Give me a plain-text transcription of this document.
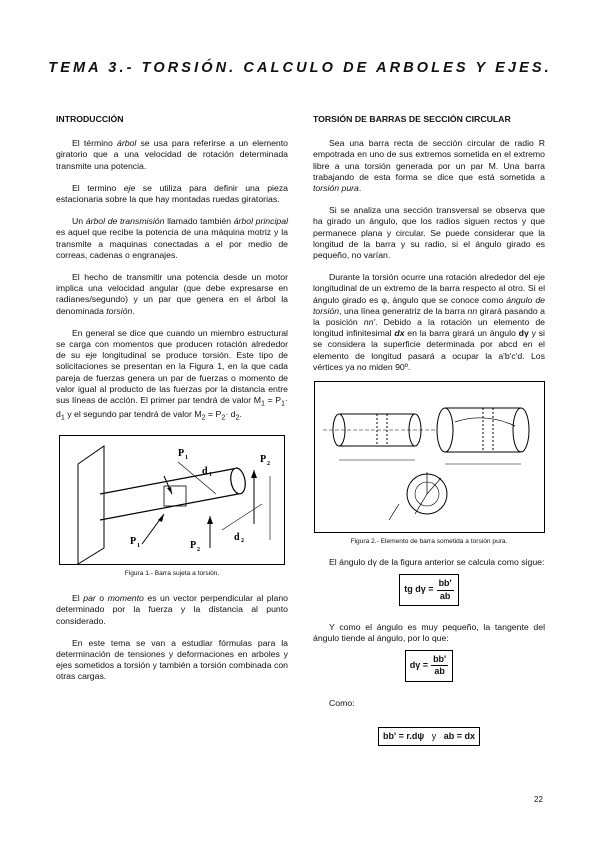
TEMA 3.- TORSIÓN. CALCULO DE ARBOLES Y EJES.
INTRODUCCIÓN
El término árbol se usa para referirse a un elemento giratorio que a una velocidad de rotación determinada transmite una potencia.
El termino eje se utiliza para definir una pieza estacionaria sobre la que hay montadas ruedas giratorias.
Un árbol de transmisión llamado también árbol principal es aquel que recibe la potencia de una máquina motriz y la transmite a maquinas conectadas a el por medio de correas, cadenas o engranajes.
El hecho de transmitir una potencia desde un motor implica una velocidad angular (que debe expresarse en radianes/segundo) y un par que genera en el árbol la denominada torsión.
En general se dice que cuando un miembro estructural se carga con momentos que producen rotación alrededor de su eje longitudinal se produce torsión. Este tipo de solicitaciones se presentan en la Figura 1, en la que cada pareja de fuerzas genera un par de fuerzas o momento de valor igual al producto de las fuerzas por la distancia entre sus líneas de acción. El primer par tendrá de valor $M_1 = P_1\cdot d_1$ y el segundo par tendrá de valor $M_2 = P_2\cdot d_2$.
P 1
d 1
P 2
d 2
P 1	P 2
Figura 1.- Barra sujeta a torsión.
El par o momento es un vector perpendicular al plano determinado por la fuerza y la distancia al punto considerado.
En este tema se van a estudiar fórmulas para la determinación de tensiones y deformaciones en arboles y ejes sometidos a torsión y también a torsión combinada con otras cargas.
TORSIÓN DE BARRAS DE SECCIÓN CIRCULAR
Sea una barra recta de sección circular de radio R empotrada en uno de sus extremos sometida en el extremo libre a una torsión generada por un par M. Una barra trabajando de esta forma se dice que está sometida a torsión pura.
Si se analiza una sección transversal se observa que ha girado un ángulo, que los radios siguen rectos y que permanece plana y circular. Se puede considerar que la longitud de la barra y su radio, si el ángulo girado es pequeño, no varían.
Durante la torsión ocurre una rotación alrededor del eje longitudinal de un extremo de la barra respecto al otro. Si el ángulo girado es φ, ángulo que se conoce como ángulo de torsión, una línea generatriz de la barra nn girará pasando a la posición nn'. Debido a la rotación un elemento de longitud infinitesimal dx en la barra girará un ángulo dγ y si se considera la superficie determinada por abcd en el elemento de longitud pasará a ocupar la a'b'c'd. Los vértices ya no miden 90º.
Figura 2.- Elemento de barra sometida a torsión pura.
El ángulo dγ de la figura anterior se calcula como sigue:
tg $d\gamma = \frac{bb'}{ab}$
Y como el ángulo es muy pequeño, la tangente del ángulo tiende al ángulo, por lo que:
$d\gamma = \frac{bb'}{ab}$
Como:
bb' = r.dψ y ab = dx
22
